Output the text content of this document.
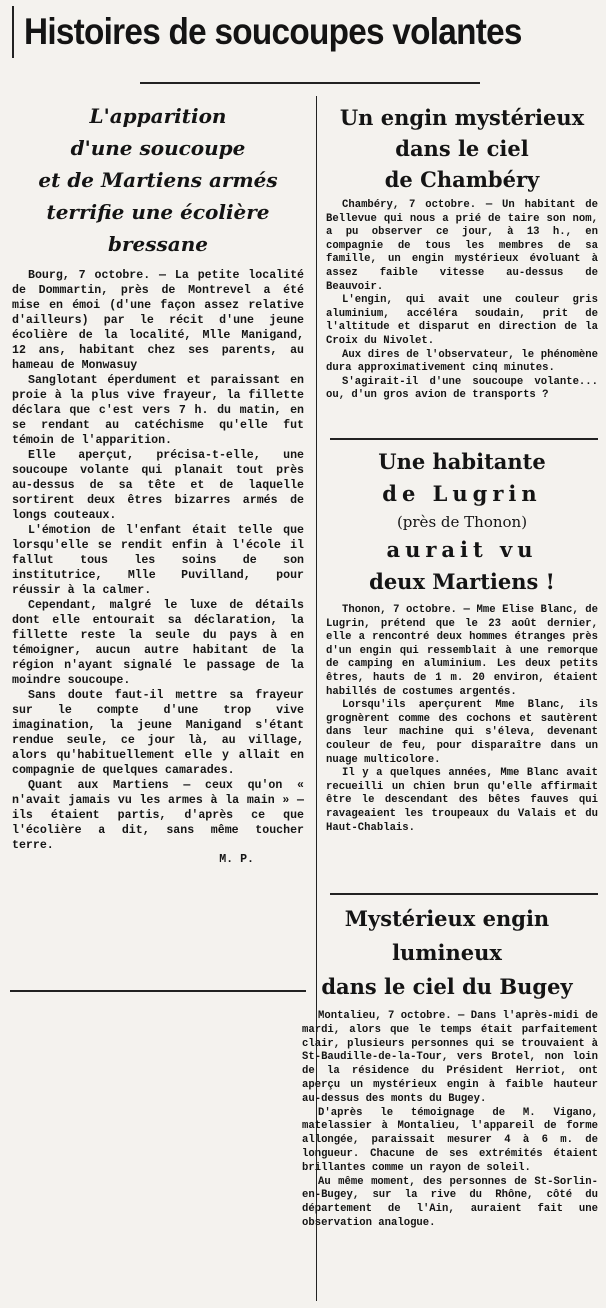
Histoires de soucoupes volantes
L'apparition
d'une soucoupe
et de Martiens armés
terrifie une écolière
bressane

Bourg, 7 octobre. — La petite localité de Dommartin, près de Montrevel a été mise en émoi (d'une façon assez relative d'ailleurs) par le récit d'une jeune écolière de la localité, Mlle Manigand, 12 ans, habitant chez ses parents, au hameau de Monwasuy

Sanglotant éperdument et paraissant en proie à la plus vive frayeur, la fillette déclara que c'est vers 7 h. du matin, en se rendant au catéchisme qu'elle fut témoin de l'apparition.

Elle aperçut, précisa-t-elle, une soucoupe volante qui planait tout près au-dessus de sa tête et de laquelle sortirent deux êtres bizarres armés de longs couteaux.

L'émotion de l'enfant était telle que lorsqu'elle se rendit enfin à l'école il fallut tous les soins de son institutrice, Mlle Puvilland, pour réussir à la calmer.

Cependant, malgré le luxe de détails dont elle entourait sa déclaration, la fillette reste la seule du pays à en témoigner, aucun autre habitant de la région n'ayant signalé le passage de la moindre soucoupe.

Sans doute faut-il mettre sa frayeur sur le compte d'une trop vive imagination, la jeune Manigand s'étant rendue seule, ce jour là, au village, alors qu'habituellement elle y allait en compagnie de quelques camarades.

Quant aux Martiens — ceux qu'on « n'avait jamais vu les armes à la main » — ils étaient partis, d'après ce que l'écolière a dit, sans même toucher terre.

M. P.
Un engin mystérieux
dans le ciel
de Chambéry

Chambéry, 7 octobre. — Un habitant de Bellevue qui nous a prié de taire son nom, a pu observer ce jour, à 13 h., en compagnie de tous les membres de sa famille, un engin mystérieux évoluant à assez faible vitesse au-dessus de Beauvoir.

L'engin, qui avait une couleur gris aluminium, accéléra soudain, prit de l'altitude et disparut en direction de la Croix du Nivolet.

Aux dires de l'observateur, le phénomène dura approximativement cinq minutes.

S'agirait-il d'une soucoupe volante... ou, d'un gros avion de transports ?

Une habitante
de Lugrin
(près de Thonon)
aurait vu
deux Martiens !

Thonon, 7 octobre. — Mme Elise Blanc, de Lugrin, prétend que le 23 août dernier, elle a rencontré deux hommes étranges près d'un engin qui ressemblait à une remorque de camping en aluminium. Les deux petits êtres, hauts de 1 m. 20 environ, étaient habillés de costumes argentés.

Lorsqu'ils aperçurent Mme Blanc, ils grognèrent comme des cochons et sautèrent dans leur machine qui s'éleva, devenant couleur de feu, pour disparaître dans un nuage multicolore.

Il y a quelques années, Mme Blanc avait recueilli un chien brun qu'elle affirmait être le descendant des bêtes fauves qui ravageaient les troupeaux du Valais et du Haut-Chablais.

Mystérieux engin
lumineux
dans le ciel du Bugey

Montalieu, 7 octobre. — Dans l'après-midi de mardi, alors que le temps était parfaitement clair, plusieurs personnes qui se trouvaient à St-Baudille-de-la-Tour, vers Brotel, non loin de la résidence du Président Herriot, ont aperçu un mystérieux engin à faible hauteur au-dessus des monts du Bugey.

D'après le témoignage de M. Vigano, matelassier à Montalieu, l'appareil de forme allongée, paraissait mesurer 4 à 6 m. de longueur. Chacune de ses extrémités étaient brillantes comme un rayon de soleil.

Au même moment, des personnes de St-Sorlin-en-Bugey, sur la rive du Rhône, côté du département de l'Ain, auraient fait une observation analogue.
